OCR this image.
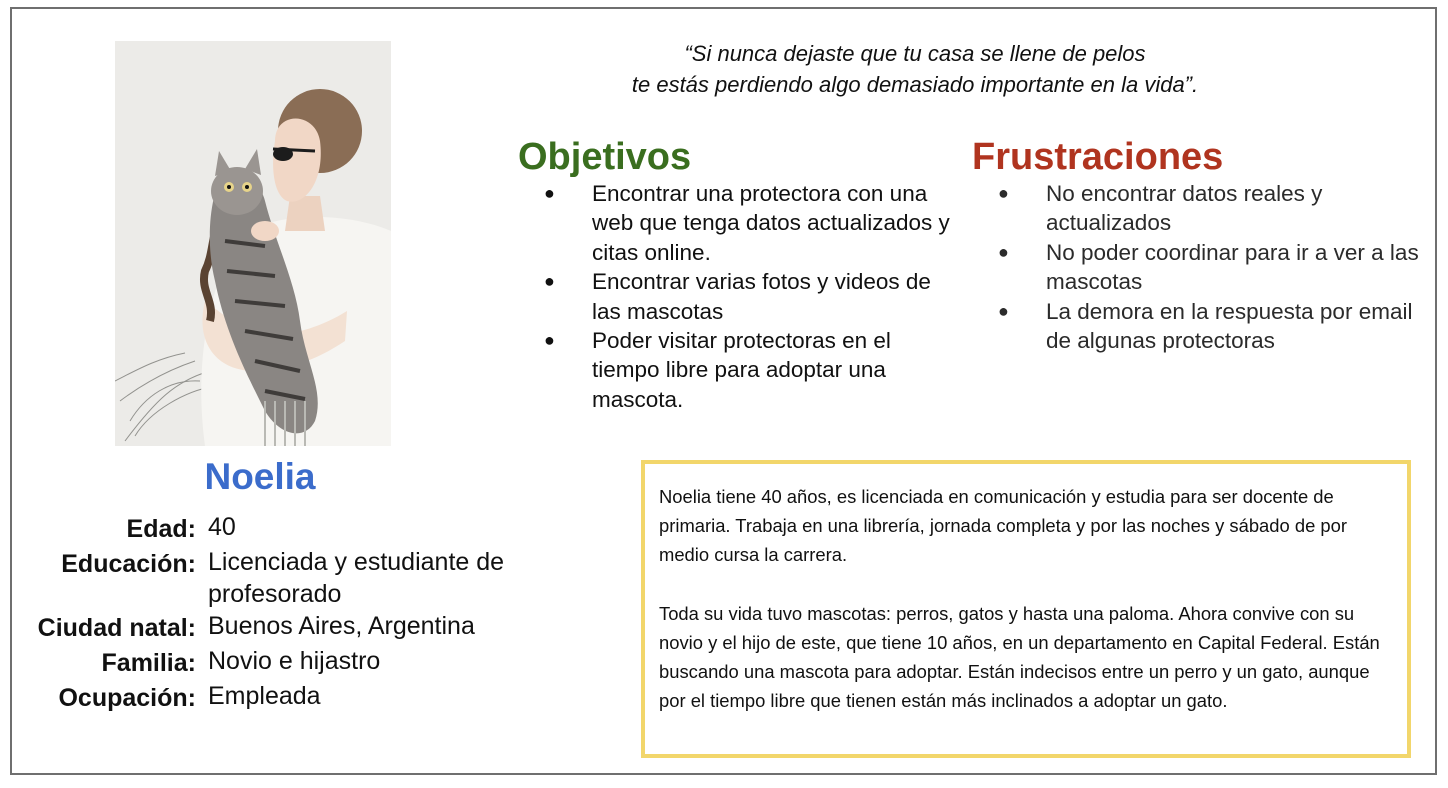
Noelia
Edad: 40
Educación: Licenciada y estudiante de profesorado
Ciudad natal: Buenos Aires, Argentina
Familia: Novio e hijastro
Ocupación: Empleada
“Si nunca dejaste que tu casa se llene de pelos
te estás perdiendo algo demasiado importante en la vida”.
Objetivos
● Encontrar una protectora con una web que tenga datos actualizados y citas online.
● Encontrar varias fotos y videos de las mascotas
● Poder visitar protectoras en el tiempo libre para adoptar una mascota.
Frustraciones
● No encontrar datos reales y actualizados
● No poder coordinar para ir a ver a las mascotas
● La demora en la respuesta por email de algunas protectoras

Noelia tiene 40 años, es licenciada en comunicación y estudia para ser docente de primaria. Trabaja en una librería, jornada completa y por las noches y sábado de por medio cursa la carrera.

Toda su vida tuvo mascotas: perros, gatos y hasta una paloma. Ahora convive con su novio y el hijo de este, que tiene 10 años, en un departamento en Capital Federal. Están buscando una mascota para adoptar. Están indecisos entre un perro y un gato, aunque por el tiempo libre que tienen están más inclinados a adoptar un gato.
